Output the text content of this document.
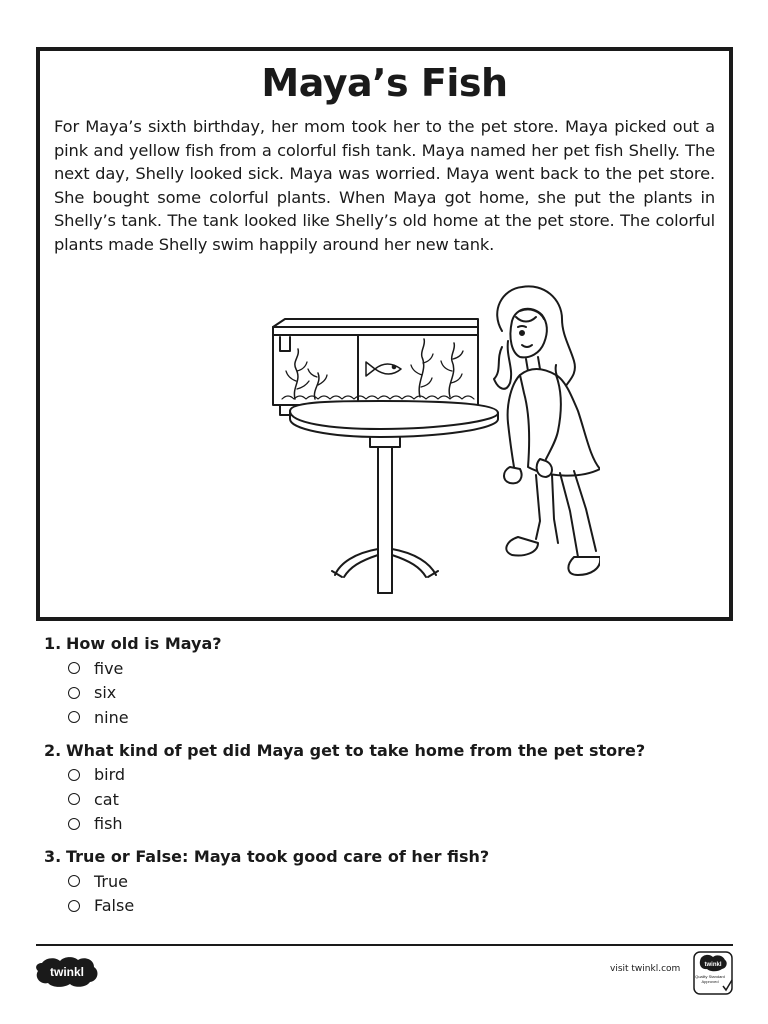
Maya’s Fish
For Maya’s sixth birthday, her mom took her to the pet store. Maya picked out a pink and yellow fish from a colorful fish tank. Maya named her pet fish Shelly. The next day, Shelly looked sick. Maya was worried. Maya went back to the pet store. She bought some colorful plants. When Maya got home, she put the plants in Shelly’s tank. The tank looked like Shelly’s old home at the pet store. The colorful plants made Shelly swim happily around her new tank.
1. How old is Maya?
five
six
nine
2. What kind of pet did Maya get to take home from the pet store?
bird
cat
fish
3. True or False: Maya took good care of her fish?
True
False
twinkl	visit twinkl.com	twinkl
Quality Standard Approved
